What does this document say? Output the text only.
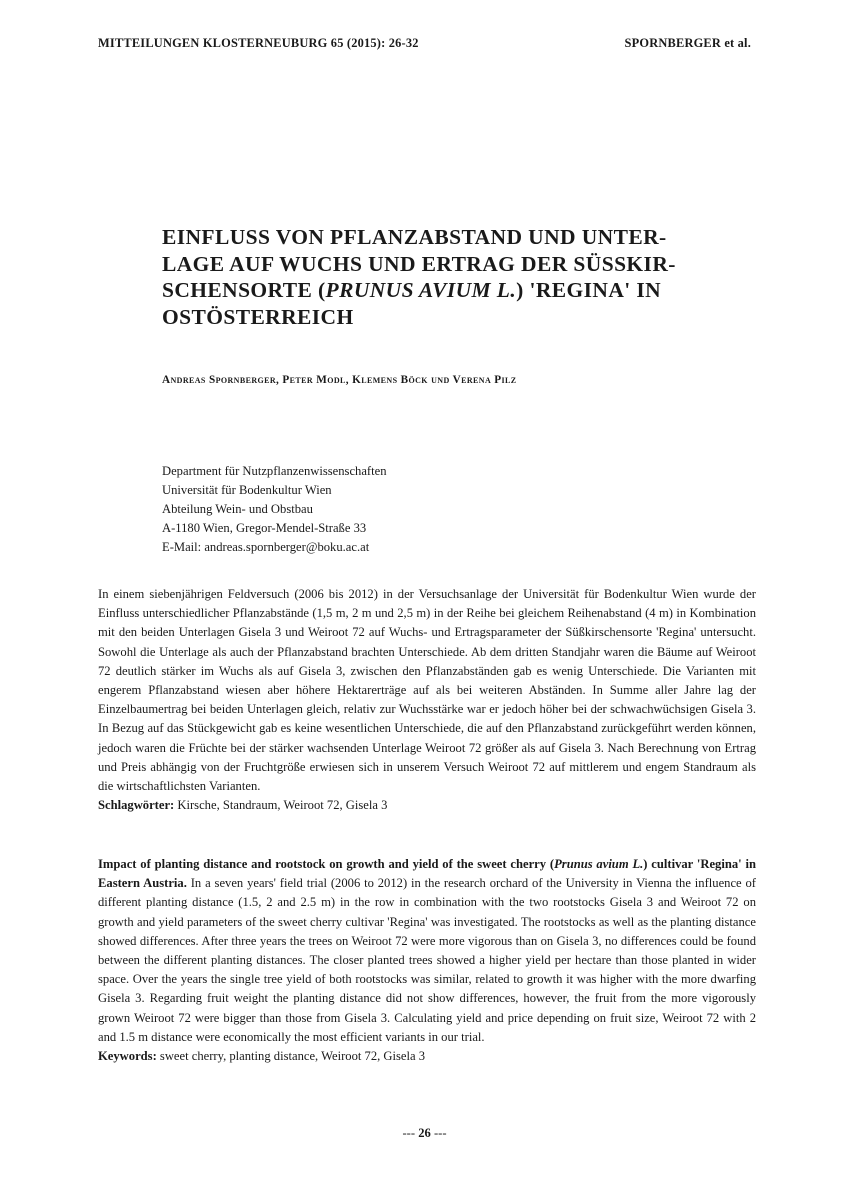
MITTEILUNGEN KLOSTERNEUBURG 65 (2015): 26-32	SPORNBERGER et al.
EINFLUSS VON PFLANZABSTAND UND UNTER-
LAGE AUF WUCHS UND ERTRAG DER SÜSSKIR-
SCHENSORTE (PRUNUS AVIUM L.) 'REGINA' IN
OSTÖSTERREICH
Andreas Spornberger, Peter Modl, Klemens Böck und Verena Pilz
Department für Nutzpflanzenwissenschaften
Universität für Bodenkultur Wien
Abteilung Wein- und Obstbau
A-1180 Wien, Gregor-Mendel-Straße 33
E-Mail: andreas.spornberger@boku.ac.at

In einem siebenjährigen Feldversuch (2006 bis 2012) in der Versuchsanlage der Universität für Bodenkultur Wien wurde der Einfluss unterschiedlicher Pflanzabstände (1,5 m, 2 m und 2,5 m) in der Reihe bei gleichem Reihenabstand (4 m) in Kombination mit den beiden Unterlagen Gisela 3 und Weiroot 72 auf Wuchs- und Ertragsparameter der Süßkirschensorte 'Regina' untersucht. Sowohl die Unterlage als auch der Pflanzabstand brachten Unterschiede. Ab dem dritten Standjahr waren die Bäume auf Weiroot 72 deutlich stärker im Wuchs als auf Gisela 3, zwischen den Pflanzabständen gab es wenig Unterschiede. Die Varianten mit engerem Pflanzabstand wiesen aber höhere Hektarerträge auf als bei weiteren Abständen. In Summe aller Jahre lag der Einzelbaumertrag bei beiden Unterlagen gleich, relativ zur Wuchsstärke war er jedoch höher bei der schwachwüchsigen Gisela 3. In Bezug auf das Stückgewicht gab es keine wesentlichen Unterschiede, die auf den Pflanzabstand zurückgeführt werden können, jedoch waren die Früchte bei der stärker wachsenden Unterlage Weiroot 72 größer als auf Gisela 3. Nach Berechnung von Ertrag und Preis abhängig von der Fruchtgröße erwiesen sich in unserem Versuch Weiroot 72 auf mittlerem und engem Standraum als die wirtschaftlichsten Varianten.
Schlagwörter: Kirsche, Standraum, Weiroot 72, Gisela 3

Impact of planting distance and rootstock on growth and yield of the sweet cherry (Prunus avium L.) cultivar 'Regina' in Eastern Austria. In a seven years' field trial (2006 to 2012) in the research orchard of the University in Vienna the influence of different planting distance (1.5, 2 and 2.5 m) in the row in combination with the two rootstocks Gisela 3 and Weiroot 72 on growth and yield parameters of the sweet cherry cultivar 'Regina' was investigated. The rootstocks as well as the planting distance showed differences. After three years the trees on Weiroot 72 were more vigorous than on Gisela 3, no differences could be found between the different planting distances. The closer planted trees showed a higher yield per hectare than those planted in wider space. Over the years the single tree yield of both rootstocks was similar, related to growth it was higher with the more dwarfing Gisela 3. Regarding fruit weight the planting distance did not show differences, however, the fruit from the more vigorously grown Weiroot 72 were bigger than those from Gisela 3. Calculating yield and price depending on fruit size, Weiroot 72 with 2 and 1.5 m distance were economically the most efficient variants in our trial.
Keywords: sweet cherry, planting distance, Weiroot 72, Gisela 3

--- 26 ---
